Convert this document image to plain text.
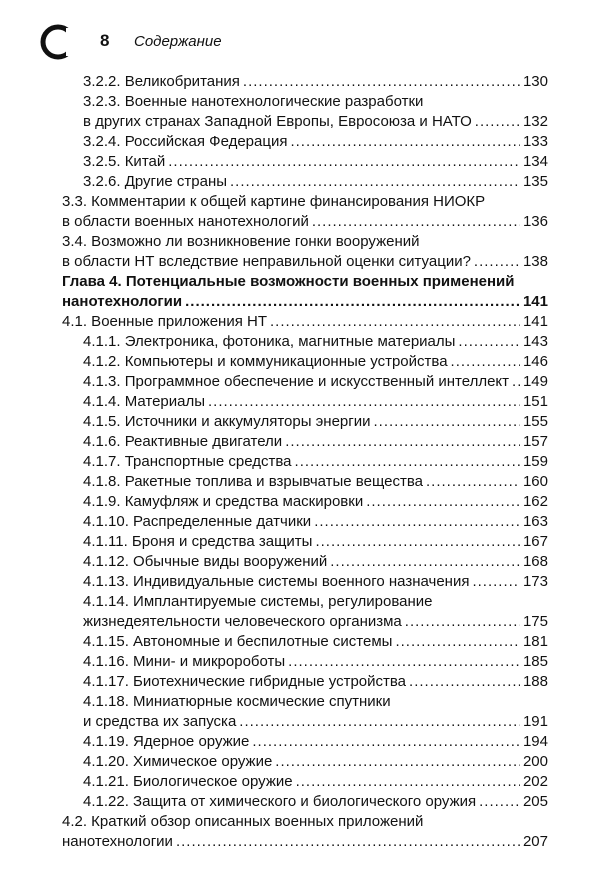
8 Содержание
3.2.2. Великобритания .....	130
3.2.3. Военные нанотехнологические разработки
в других странах Западной Европы, Евросоюза и НАТО .....	132
3.2.4. Российская Федерация .....	133
3.2.5. Китай .....	134
3.2.6. Другие страны .....	135
3.3. Комментарии к общей картине финансирования НИОКР
в области военных нанотехнологий .....	136
3.4. Возможно ли возникновение гонки вооружений
в области НТ вследствие неправильной оценки ситуации? .....	138
Глава 4. Потенциальные возможности военных применений
нанотехнологии .....	141
4.1. Военные приложения НТ .....	141
4.1.1. Электроника, фотоника, магнитные материалы .....	143
4.1.2. Компьютеры и коммуникационные устройства .....	146
4.1.3. Программное обеспечение и искусственный интеллект ..... 149
4.1.4. Материалы .....	151
4.1.5. Источники и аккумуляторы энергии .....	155
4.1.6. Реактивные двигатели .....	157
4.1.7. Транспортные средства .....	159
4.1.8. Ракетные топлива и взрывчатые вещества .....	160
4.1.9. Камуфляж и средства маскировки .....	162
4.1.10. Распределенные датчики .....	163
4.1.11. Броня и средства защиты .....	167
4.1.12. Обычные виды вооружений .....	168
4.1.13. Индивидуальные системы военного назначения .....	173
4.1.14. Имплантируемые системы, регулирование
жизнедеятельности человеческого организма .....	175
4.1.15. Автономные и беспилотные системы .....	181
4.1.16. Мини- и микророботы .....	185
4.1.17. Биотехнические гибридные устройства .....	188
4.1.18. Миниатюрные космические спутники
и средства их запуска .....	191
4.1.19. Ядерное оружие .....	194
4.1.20. Химическое оружие .....	200
4.1.21. Биологическое оружие .....	202
4.1.22. Защита от химического и биологического оружия .....	205
4.2. Краткий обзор описанных военных приложений
нанотехнологии .....	207
